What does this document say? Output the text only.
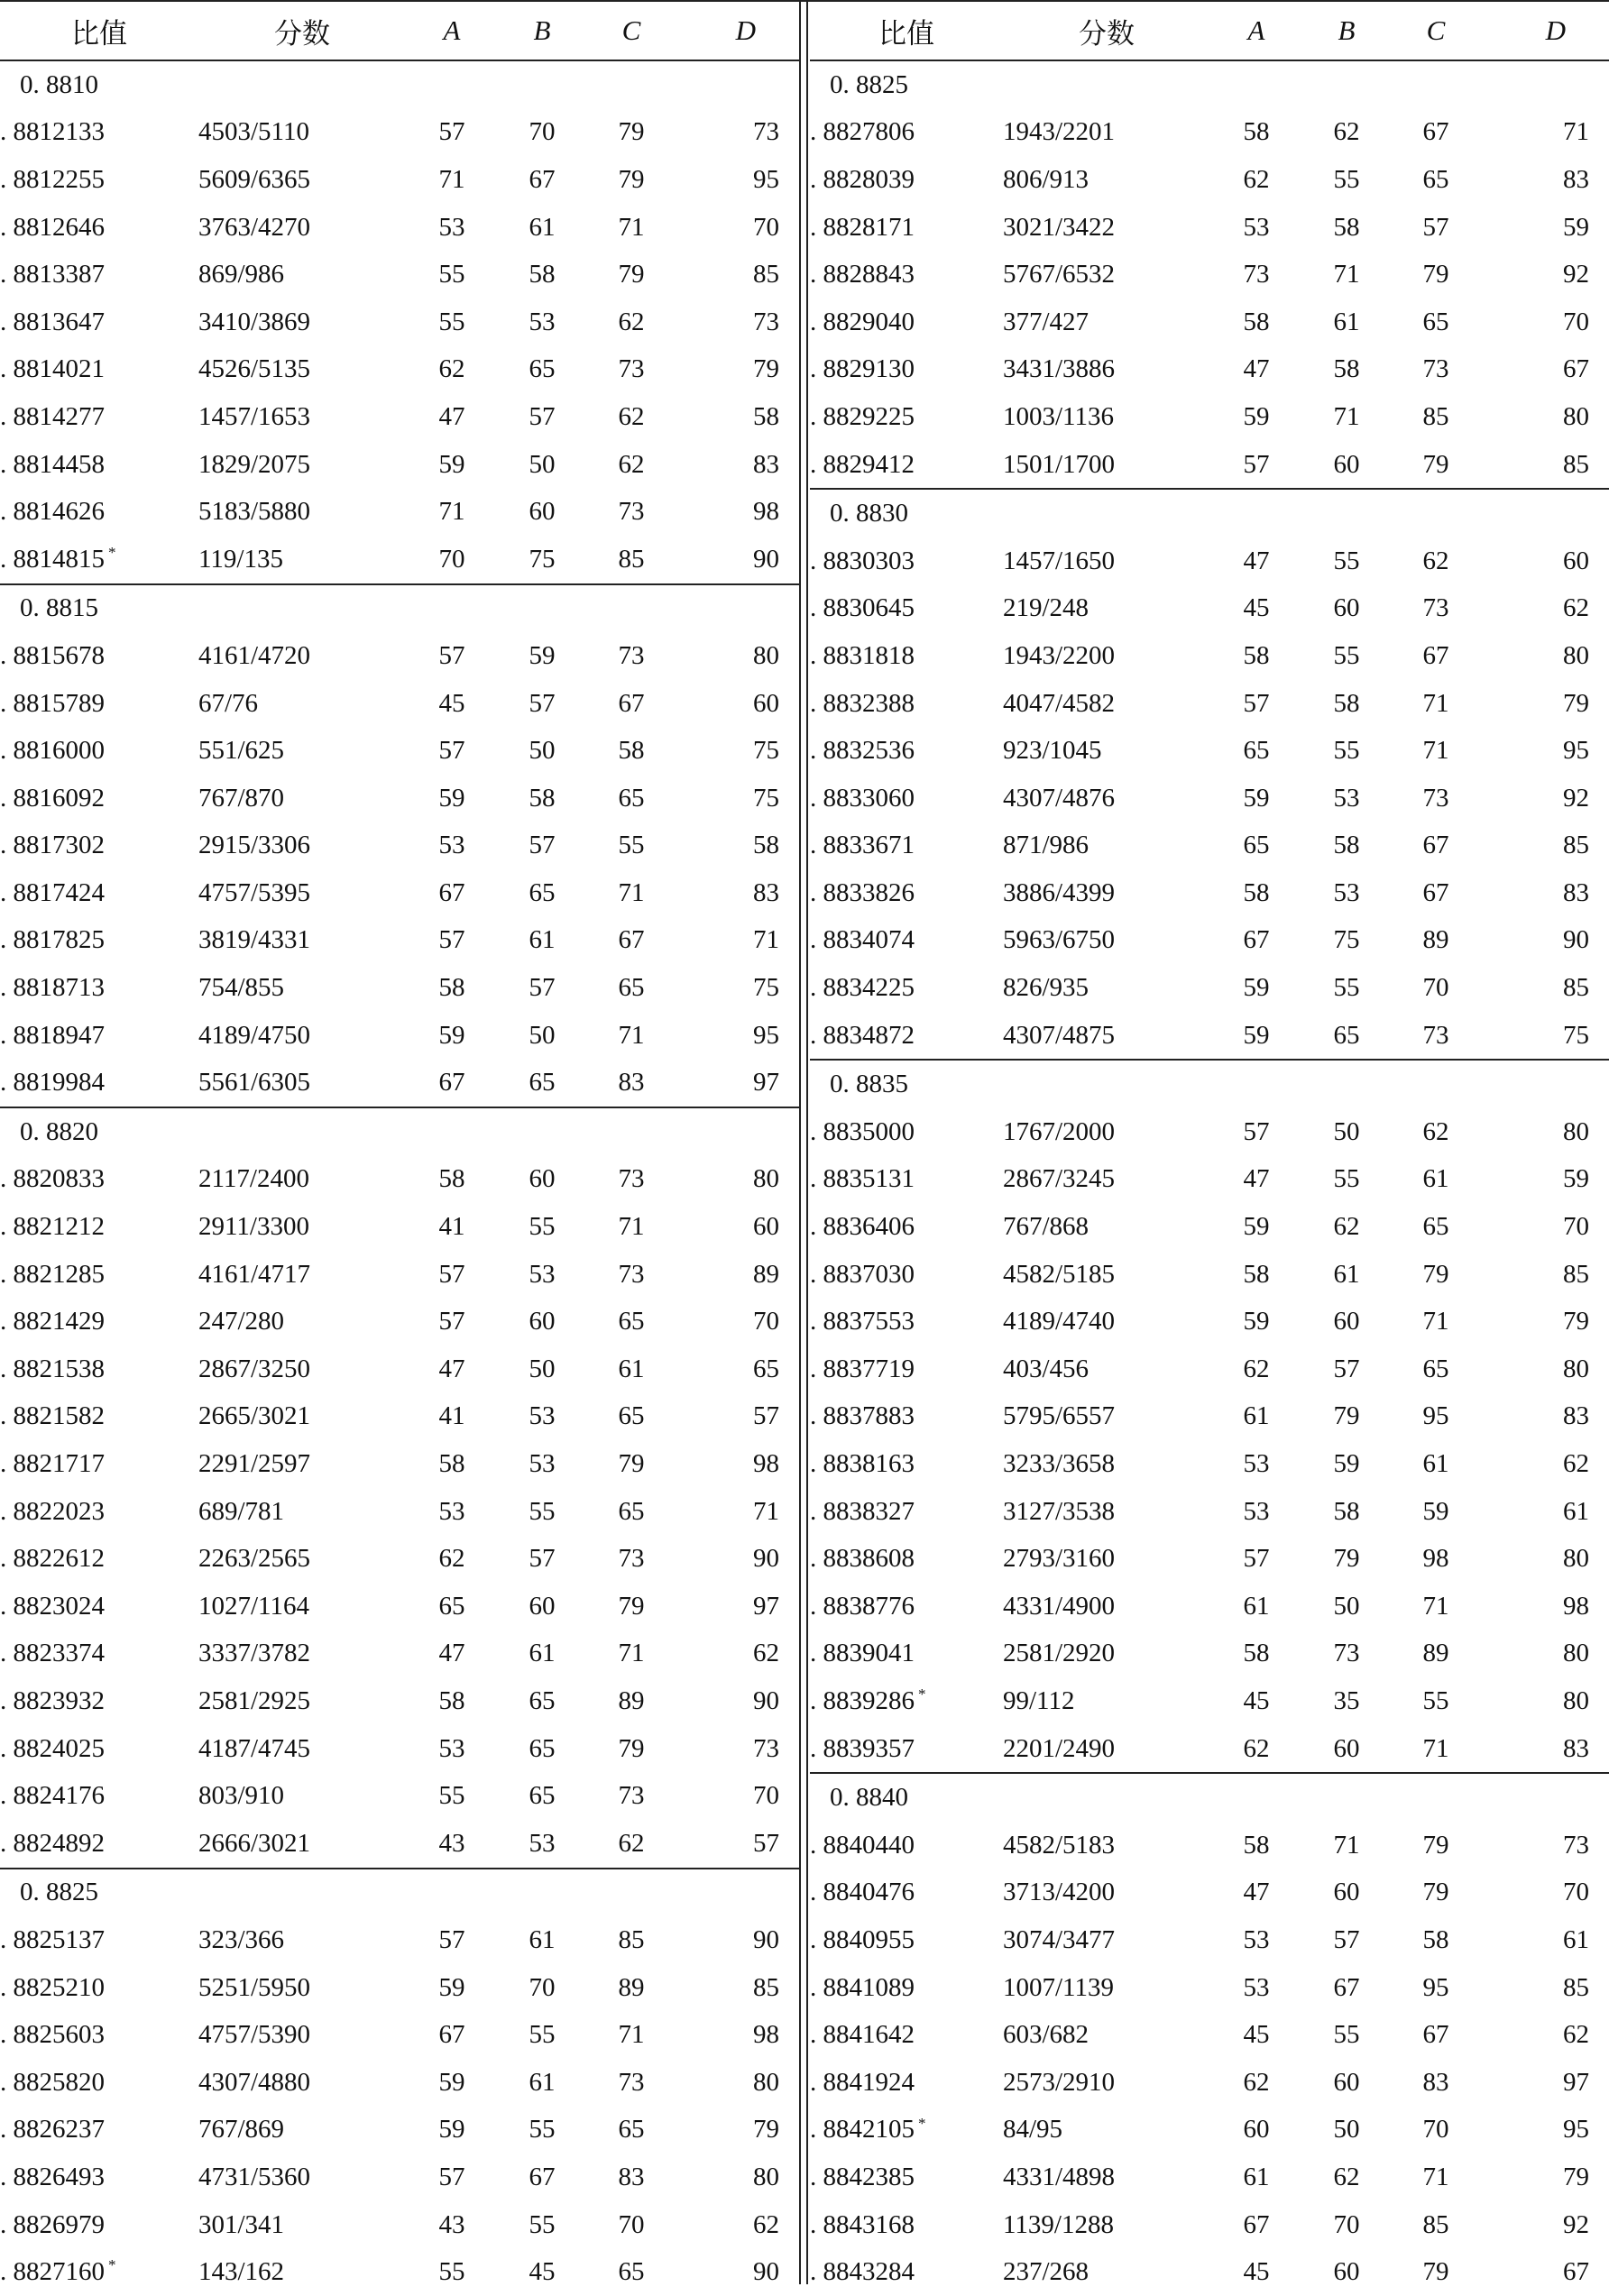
比值	分数	A	B	C	D
0. 8810					
. 8812133	4503/5110	57	70	79	73
. 8812255	5609/6365	71	67	79	95
. 8812646	3763/4270	53	61	71	70
. 8813387	869/986	55	58	79	85
. 8813647	3410/3869	55	53	62	73
. 8814021	4526/5135	62	65	73	79
. 8814277	1457/1653	47	57	62	58
. 8814458	1829/2075	59	50	62	83
. 8814626	5183/5880	71	60	73	98
. 8814815 *	119/135	70	75	85	90
0. 8815					
. 8815678	4161/4720	57	59	73	80
. 8815789	67/76	45	57	67	60
. 8816000	551/625	57	50	58	75
. 8816092	767/870	59	58	65	75
. 8817302	2915/3306	53	57	55	58
. 8817424	4757/5395	67	65	71	83
. 8817825	3819/4331	57	61	67	71
. 8818713	754/855	58	57	65	75
. 8818947	4189/4750	59	50	71	95
. 8819984	5561/6305	67	65	83	97
0. 8820					
. 8820833	2117/2400	58	60	73	80
. 8821212	2911/3300	41	55	71	60
. 8821285	4161/4717	57	53	73	89
. 8821429	247/280	57	60	65	70
. 8821538	2867/3250	47	50	61	65
. 8821582	2665/3021	41	53	65	57
. 8821717	2291/2597	58	53	79	98
. 8822023	689/781	53	55	65	71
. 8822612	2263/2565	62	57	73	90
. 8823024	1027/1164	65	60	79	97
. 8823374	3337/3782	47	61	71	62
. 8823932	2581/2925	58	65	89	90
. 8824025	4187/4745	53	65	79	73
. 8824176	803/910	55	65	73	70
. 8824892	2666/3021	43	53	62	57
0. 8825					
. 8825137	323/366	57	61	85	90
. 8825210	5251/5950	59	70	89	85
. 8825603	4757/5390	67	55	71	98
. 8825820	4307/4880	59	61	73	80
. 8826237	767/869	59	55	65	79
. 8826493	4731/5360	57	67	83	80
. 8826979	301/341	43	55	70	62
. 8827160 *	143/162	55	45	65	90
比值	分数	A	B	C	D
0. 8825					
. 8827806	1943/2201	58	62	67	71
. 8828039	806/913	62	55	65	83
. 8828171	3021/3422	53	58	57	59
. 8828843	5767/6532	73	71	79	92
. 8829040	377/427	58	61	65	70
. 8829130	3431/3886	47	58	73	67
. 8829225	1003/1136	59	71	85	80
. 8829412	1501/1700	57	60	79	85
0. 8830					
. 8830303	1457/1650	47	55	62	60
. 8830645	219/248	45	60	73	62
. 8831818	1943/2200	58	55	67	80
. 8832388	4047/4582	57	58	71	79
. 8832536	923/1045	65	55	71	95
. 8833060	4307/4876	59	53	73	92
. 8833671	871/986	65	58	67	85
. 8833826	3886/4399	58	53	67	83
. 8834074	5963/6750	67	75	89	90
. 8834225	826/935	59	55	70	85
. 8834872	4307/4875	59	65	73	75
0. 8835					
. 8835000	1767/2000	57	50	62	80
. 8835131	2867/3245	47	55	61	59
. 8836406	767/868	59	62	65	70
. 8837030	4582/5185	58	61	79	85
. 8837553	4189/4740	59	60	71	79
. 8837719	403/456	62	57	65	80
. 8837883	5795/6557	61	79	95	83
. 8838163	3233/3658	53	59	61	62
. 8838327	3127/3538	53	58	59	61
. 8838608	2793/3160	57	79	98	80
. 8838776	4331/4900	61	50	71	98
. 8839041	2581/2920	58	73	89	80
. 8839286 *	99/112	45	35	55	80
. 8839357	2201/2490	62	60	71	83
0. 8840					
. 8840440	4582/5183	58	71	79	73
. 8840476	3713/4200	47	60	79	70
. 8840955	3074/3477	53	57	58	61
. 8841089	1007/1139	53	67	95	85
. 8841642	603/682	45	55	67	62
. 8841924	2573/2910	62	60	83	97
. 8842105 *	84/95	60	50	70	95
. 8842385	4331/4898	61	62	71	79
. 8843168	1139/1288	67	70	85	92
. 8843284	237/268	45	60	79	67
